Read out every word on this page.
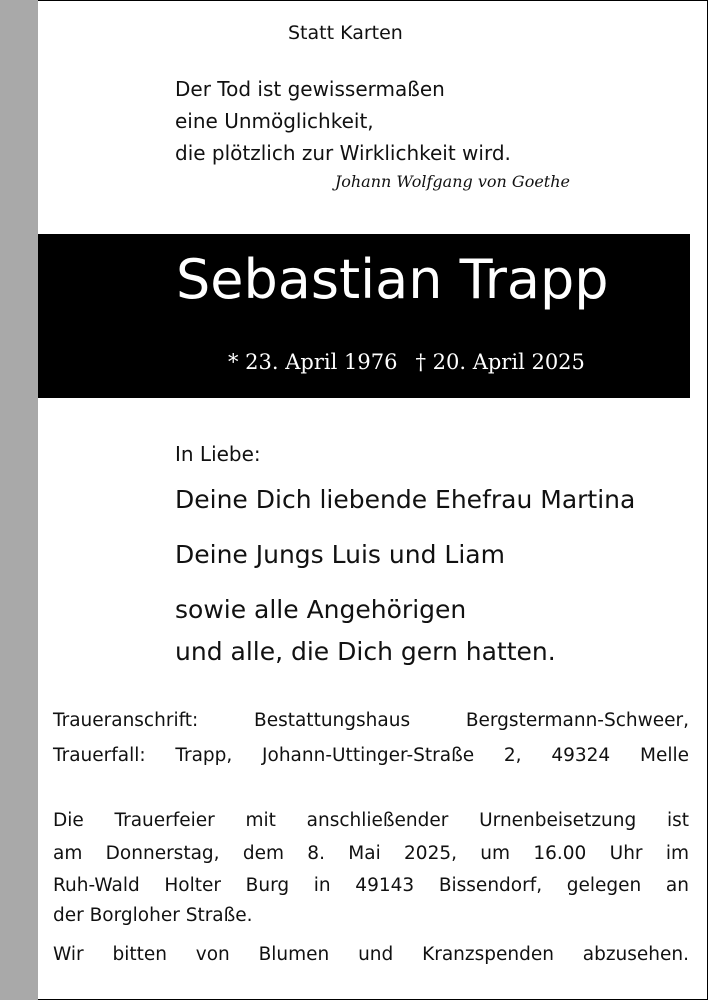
Statt Karten
Der Tod ist gewissermaßen
eine Unmöglichkeit,
die plötzlich zur Wirklichkeit wird.
Johann Wolfgang von Goethe
Sebastian Trapp
* 23. April 1976 † 20. April 2025
In Liebe:
Deine Dich liebende Ehefrau Martina
Deine Jungs Luis und Liam
sowie alle Angehörigen
und alle, die Dich gern hatten.
Traueranschrift: Bestattungshaus Bergstermann-Schweer,
Trauerfall: Trapp, Johann-Uttinger-Straße 2, 49324 Melle
Die Trauerfeier mit anschließender Urnenbeisetzung ist
am Donnerstag, dem 8. Mai 2025, um 16.00 Uhr im
Ruh-Wald Holter Burg in 49143 Bissendorf, gelegen an
der Borgloher Straße.
Wir bitten von Blumen und Kranzspenden abzusehen.
